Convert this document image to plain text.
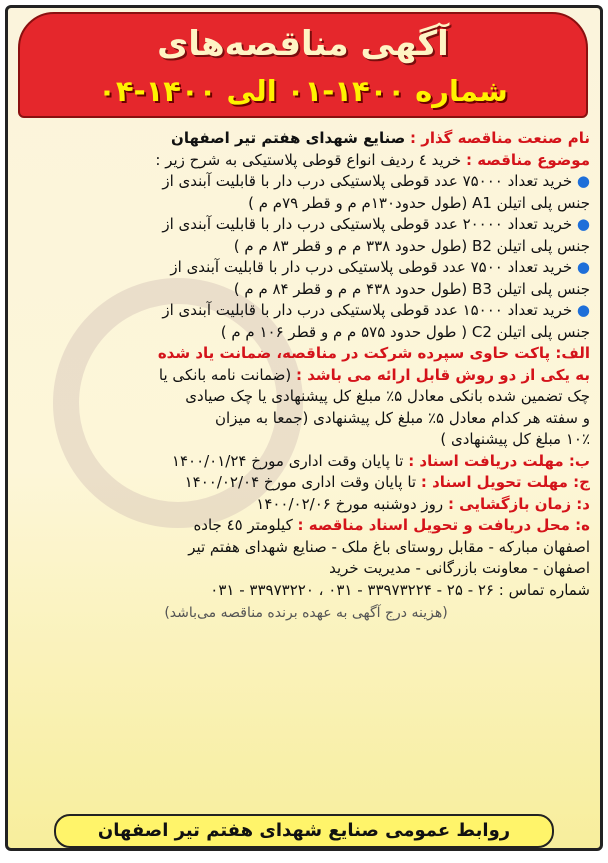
آگهی مناقصه‌های
شماره ۱۴۰۰-۰۱ الی ۱۴۰۰-۰۴
نام صنعت مناقصه گذار : صنایع شهدای هفتم تیر اصفهان
موضوع مناقصه : خرید ٤ ردیف انواع قوطی پلاستیکی به شرح زیر :
● خرید تعداد ۷۵۰۰۰ عدد قوطی پلاستیکی درب دار با قابلیت آبندی از
جنس پلی اتیلن A1 (طول حدود۱۳۰م م و قطر ۷۹م م )
● خرید تعداد ۲۰۰۰۰ عدد قوطی پلاستیکی درب دار با قابلیت آبندی از
جنس پلی اتیلن B2 (طول حدود ۳۳۸ م م و قطر ۸۳ م م )
● خرید تعداد ۷۵۰۰ عدد قوطی پلاستیکی درب دار با قابلیت آبندی از
جنس پلی اتیلن B3 (طول حدود ۴۳۸ م م و قطر ۸۴ م م )
● خرید تعداد ۱۵۰۰۰ عدد قوطی پلاستیکی درب دار با قابلیت آبندی از
جنس پلی اتیلن C2 ( طول حدود ۵۷۵ م م و قطر ۱۰۶ م م )
الف: پاکت حاوی سپرده شرکت در مناقصه، ضمانت یاد شده
به یکی از دو روش قابل ارائه می باشد : (ضمانت نامه بانکی یا
چک تضمین شده بانکی معادل ۵٪ مبلغ کل پیشنهادی یا چک صیادی
و سفته هر کدام معادل ۵٪ مبلغ کل پیشنهادی (جمعا به میزان
۱۰٪ مبلغ کل پیشنهادی )
ب: مهلت دریافت اسناد : تا پایان وقت اداری مورخ ۱۴۰۰/۰۱/۲۴
ج: مهلت تحویل اسناد : تا پایان وقت اداری مورخ ۱۴۰۰/۰۲/۰۴
د: زمان بازگشایی : روز دوشنبه مورخ ۱۴۰۰/۰۲/۰۶
ه: محل دریافت و تحویل اسناد مناقصه : کیلومتر ٤٥ جاده
اصفهان مبارکه - مقابل روستای باغ ملک - صنایع شهدای هفتم تیر
اصفهان - معاونت بازرگانی - مدیریت خرید
شماره تماس : ۲۶ - ۲۵ - ۳۳۹۷۳۲۲۴ - ۰۳۱ ، ۳۳۹۷۳۲۲۰ - ۰۳۱
(هزینه درج آگهی به عهده برنده مناقصه می‌باشد)
روابط عمومی صنایع شهدای هفتم تیر اصفهان
